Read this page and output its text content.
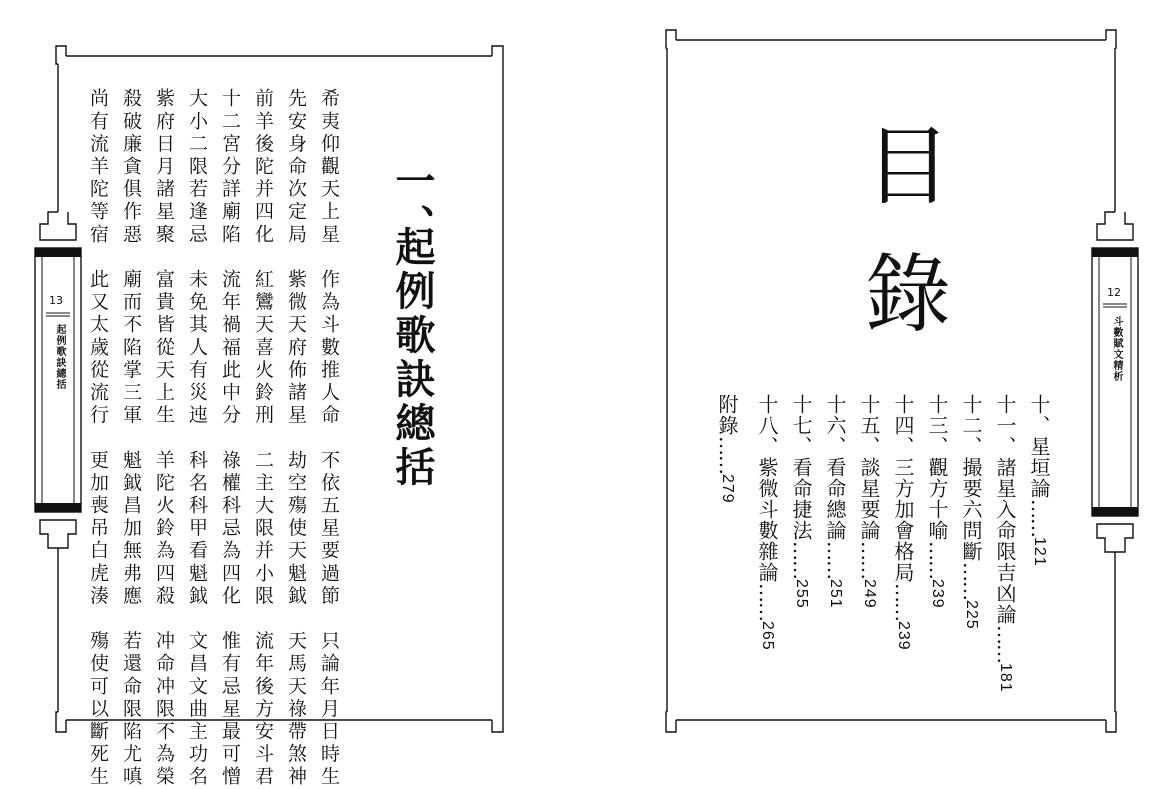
13
起例歌訣總括
一、
起例歌訣總括
希夷仰觀天上星　作為斗數推人命　不依五星要過節　只論年月日時生
先安身命次定局　紫微天府佈諸星　劫空殤使天魁鉞　天馬天祿帶煞神
前羊後陀并四化　紅鸞天喜火鈴刑　二主大限并小限　流年後方安斗君
十二宮分詳廟陷　流年禍福此中分　祿權科忌為四化　惟有忌星最可憎
大小二限若逢忌　未免其人有災迍　科名科甲看魁鉞　文昌文曲主功名
紫府日月諸星聚　富貴皆從天上生　羊陀火鈴為四殺　冲命冲限不為榮
殺破廉貪俱作惡　廟而不陷掌三軍　魁鉞昌加無弗應　若還命限陷尤嗔
尚有流羊陀等宿　此又太歲從流行　更加喪吊白虎湊　殤使可以斷死生	12
斗數賦文精析
目
錄
十、星垣論……121
十一、諸星入命限吉凶論……181
十二、撮要六問斷……225
十三、觀方十喻……239
十四、三方加會格局……239
十五、談星要論……249
十六、看命總論……251
十七、看命捷法……255
十八、紫微斗數雜論……265
附錄……279
